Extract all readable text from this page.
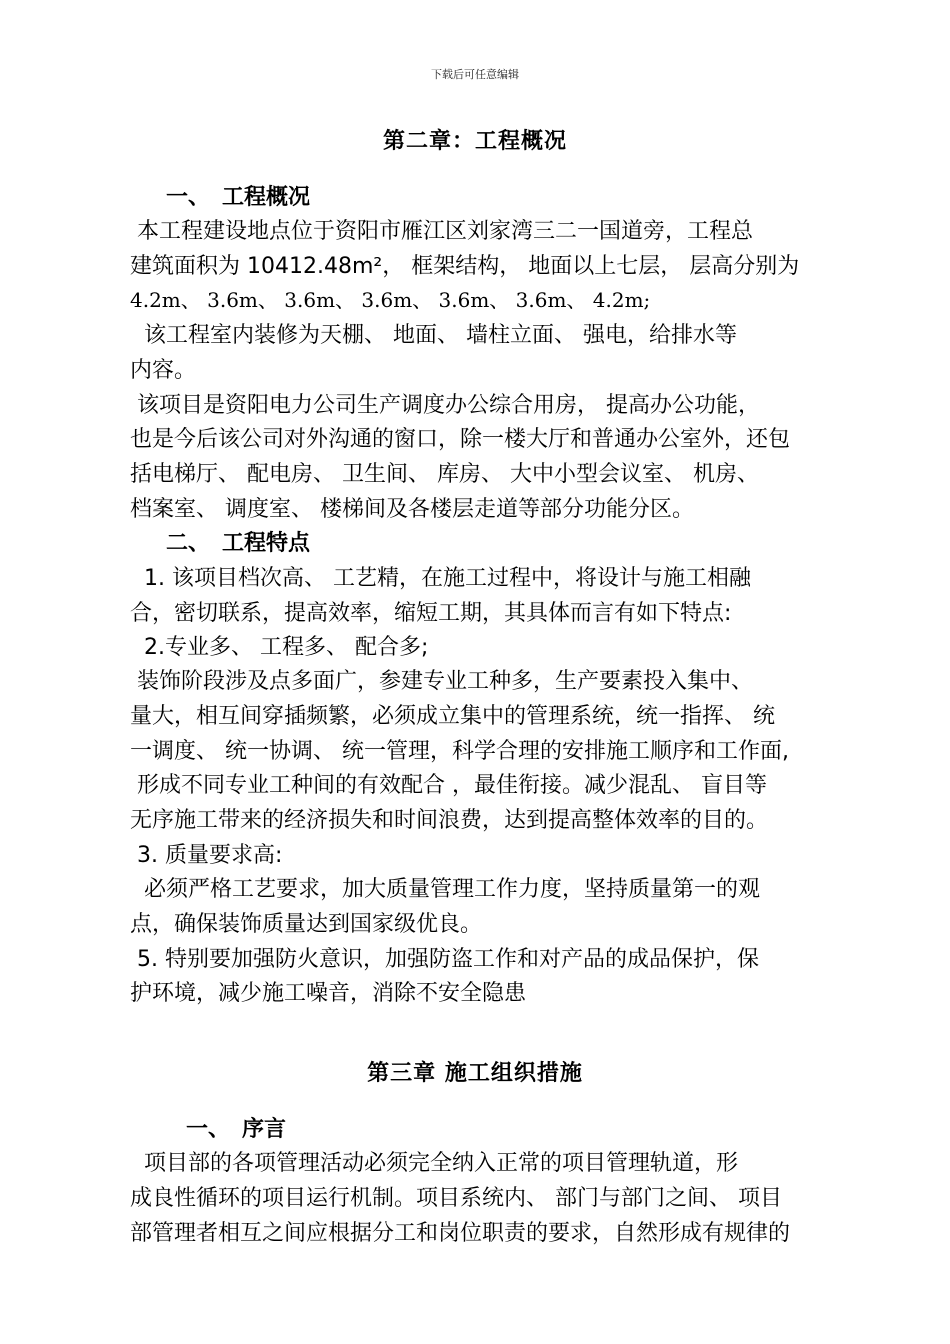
下载后可任意编辑
第二章：工程概况
一、 工程概况
本工程建设地点位于资阳市雁江区刘家湾三二一国道旁，工程总
建筑面积为 10412.48m²， 框架结构， 地面以上七层， 层高分别为
4.2m、 3.6m、 3.6m、 3.6m、 3.6m、 3.6m、 4.2m;
该工程室内装修为天棚、 地面、 墙柱立面、 强电，给排水等
内容。
该项目是资阳电力公司生产调度办公综合用房， 提高办公功能，
也是今后该公司对外沟通的窗口，除一楼大厅和普通办公室外，还包
括电梯厅、 配电房、 卫生间、 库房、 大中小型会议室、 机房、
档案室、 调度室、 楼梯间及各楼层走道等部分功能分区。
二、 工程特点
1. 该项目档次高、 工艺精，在施工过程中，将设计与施工相融
合，密切联系，提高效率，缩短工期，其具体而言有如下特点:
2.专业多、 工程多、 配合多;
装饰阶段涉及点多面广，参建专业工种多，生产要素投入集中、
量大，相互间穿插频繁，必须成立集中的管理系统，统一指挥、 统
一调度、 统一协调、 统一管理，科学合理的安排施工顺序和工作面,
形成不同专业工种间的有效配合 ，最佳衔接。减少混乱、 盲目等
无序施工带来的经济损失和时间浪费，达到提高整体效率的目的。
3. 质量要求高:
必须严格工艺要求，加大质量管理工作力度，坚持质量第一的观
点，确保装饰质量达到国家级优良。
5. 特别要加强防火意识，加强防盗工作和对产品的成品保护，保
护环境，减少施工噪音，消除不安全隐患
第三章 施工组织措施
一、 序言
项目部的各项管理活动必须完全纳入正常的项目管理轨道，形
成良性循环的项目运行机制。项目系统内、 部门与部门之间、 项目
部管理者相互之间应根据分工和岗位职责的要求，自然形成有规律的
